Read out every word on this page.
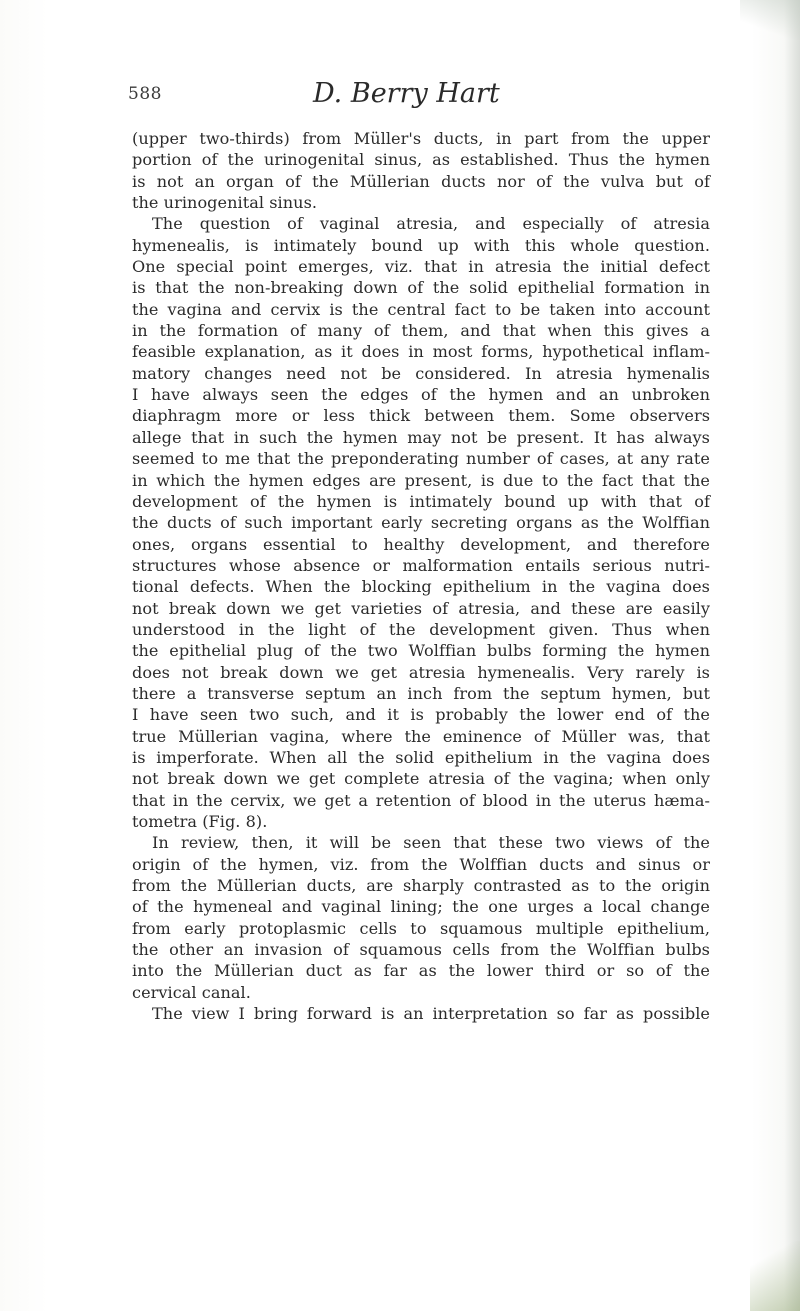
588	D. Berry Hart
(upper two-thirds) from Müller's ducts, in part from the upper
portion of the urinogenital sinus, as established. Thus the hymen
is not an organ of the Müllerian ducts nor of the vulva but of
the urinogenital sinus.
The question of vaginal atresia, and especially of atresia
hymenealis, is intimately bound up with this whole question.
One special point emerges, viz. that in atresia the initial defect
is that the non-breaking down of the solid epithelial formation in
the vagina and cervix is the central fact to be taken into account
in the formation of many of them, and that when this gives a
feasible explanation, as it does in most forms, hypothetical inflam-
matory changes need not be considered. In atresia hymenalis
I have always seen the edges of the hymen and an unbroken
diaphragm more or less thick between them. Some observers
allege that in such the hymen may not be present. It has always
seemed to me that the preponderating number of cases, at any rate
in which the hymen edges are present, is due to the fact that the
development of the hymen is intimately bound up with that of
the ducts of such important early secreting organs as the Wolffian
ones, organs essential to healthy development, and therefore
structures whose absence or malformation entails serious nutri-
tional defects. When the blocking epithelium in the vagina does
not break down we get varieties of atresia, and these are easily
understood in the light of the development given. Thus when
the epithelial plug of the two Wolffian bulbs forming the hymen
does not break down we get atresia hymenealis. Very rarely is
there a transverse septum an inch from the septum hymen, but
I have seen two such, and it is probably the lower end of the
true Müllerian vagina, where the eminence of Müller was, that
is imperforate. When all the solid epithelium in the vagina does
not break down we get complete atresia of the vagina; when only
that in the cervix, we get a retention of blood in the uterus hæma-
tometra (Fig. 8).
In review, then, it will be seen that these two views of the
origin of the hymen, viz. from the Wolffian ducts and sinus or
from the Müllerian ducts, are sharply contrasted as to the origin
of the hymeneal and vaginal lining; the one urges a local change
from early protoplasmic cells to squamous multiple epithelium,
the other an invasion of squamous cells from the Wolffian bulbs
into the Müllerian duct as far as the lower third or so of the
cervical canal.
The view I bring forward is an interpretation so far as possible
